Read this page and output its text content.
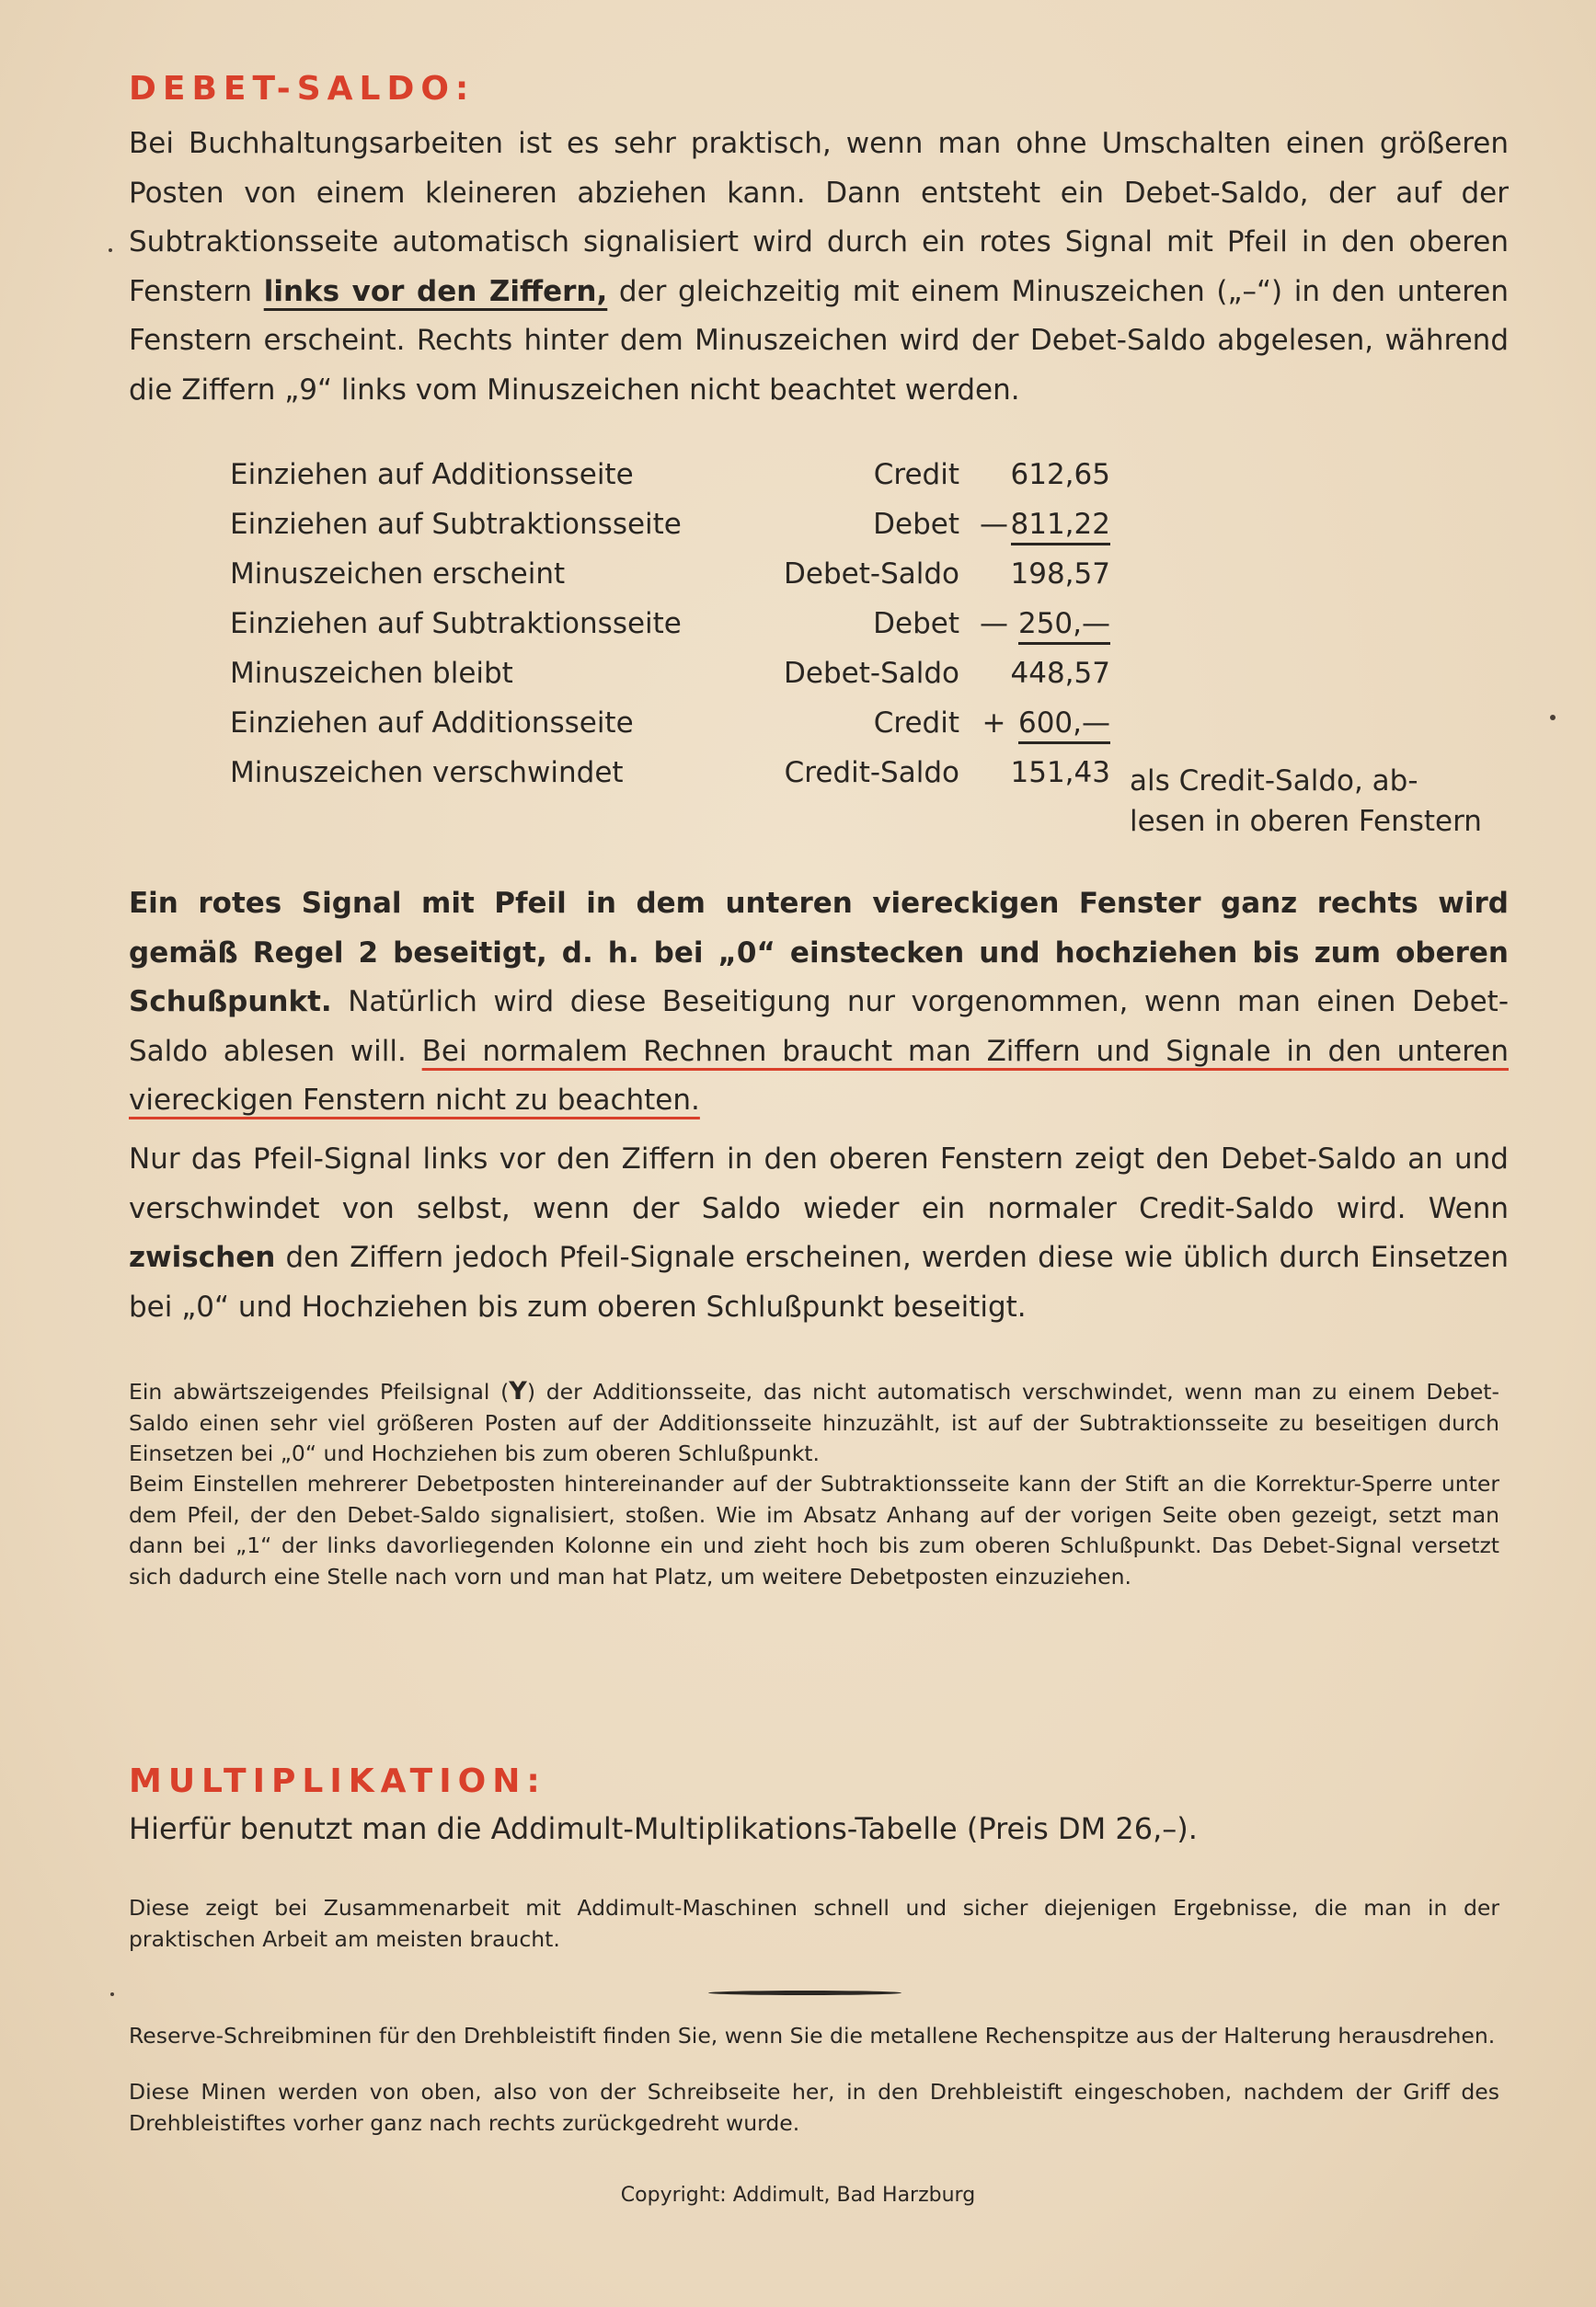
DEBET-SALDO:
Bei Buchhaltungsarbeiten ist es sehr praktisch, wenn man ohne Umschalten einen größeren Posten von einem kleineren abziehen kann. Dann entsteht ein Debet-Saldo, der auf der Subtraktionsseite automatisch signalisiert wird durch ein rotes Signal mit Pfeil in den oberen Fenstern links vor den Ziffern, der gleichzeitig mit einem Minuszeichen („–“) in den unteren Fenstern erscheint. Rechts hinter dem Minuszeichen wird der Debet-Saldo abgelesen, während die Ziffern „9“ links vom Minuszeichen nicht beachtet werden.
Einziehen auf Additionsseite	Credit 612,65
Einziehen auf Subtraktionsseite	Debet — 811,22
Minuszeichen erscheint	Debet-Saldo 198,57
Einziehen auf Subtraktionsseite	Debet — 250,—
Minuszeichen bleibt	Debet-Saldo 448,57
Einziehen auf Additionsseite	Credit + 600,—
Minuszeichen verschwindet	Credit-Saldo 151,43 als Credit-Saldo, ab-
lesen in oberen Fenstern
Ein rotes Signal mit Pfeil in dem unteren viereckigen Fenster ganz rechts wird gemäß Regel 2 beseitigt, d. h. bei „0“ einstecken und hochziehen bis zum oberen Schußpunkt. Natürlich wird diese Beseitigung nur vorgenommen, wenn man einen Debet-Saldo ablesen will. Bei normalem Rechnen braucht man Ziffern und Signale in den unteren viereckigen Fenstern nicht zu beachten.
Nur das Pfeil-Signal links vor den Ziffern in den oberen Fenstern zeigt den Debet-Saldo an und verschwindet von selbst, wenn der Saldo wieder ein normaler Credit-Saldo wird. Wenn zwischen den Ziffern jedoch Pfeil-Signale erscheinen, werden diese wie üblich durch Einsetzen bei „0“ und Hochziehen bis zum oberen Schlußpunkt beseitigt.
Ein abwärtszeigendes Pfeilsignal (Y) der Additionsseite, das nicht automatisch verschwindet, wenn man zu einem Debet-Saldo einen sehr viel größeren Posten auf der Additionsseite hinzuzählt, ist auf der Subtraktionsseite zu beseitigen durch Einsetzen bei „0“ und Hochziehen bis zum oberen Schlußpunkt.
Beim Einstellen mehrerer Debetposten hintereinander auf der Subtraktionsseite kann der Stift an die Korrektur-Sperre unter dem Pfeil, der den Debet-Saldo signalisiert, stoßen. Wie im Absatz Anhang auf der vorigen Seite oben gezeigt, setzt man dann bei „1“ der links davorliegenden Kolonne ein und zieht hoch bis zum oberen Schlußpunkt. Das Debet-Signal versetzt sich dadurch eine Stelle nach vorn und man hat Platz, um weitere Debetposten einzuziehen.
MULTIPLIKATION:
Hierfür benutzt man die Addimult-Multiplikations-Tabelle (Preis DM 26,–).
Diese zeigt bei Zusammenarbeit mit Addimult-Maschinen schnell und sicher diejenigen Ergebnisse, die man in der praktischen Arbeit am meisten braucht.
Reserve-Schreibminen für den Drehbleistift finden Sie, wenn Sie die metallene Rechenspitze aus der Halterung herausdrehen.
Diese Minen werden von oben, also von der Schreibseite her, in den Drehbleistift eingeschoben, nachdem der Griff des Drehbleistiftes vorher ganz nach rechts zurückgedreht wurde.
Copyright: Addimult, Bad Harzburg
